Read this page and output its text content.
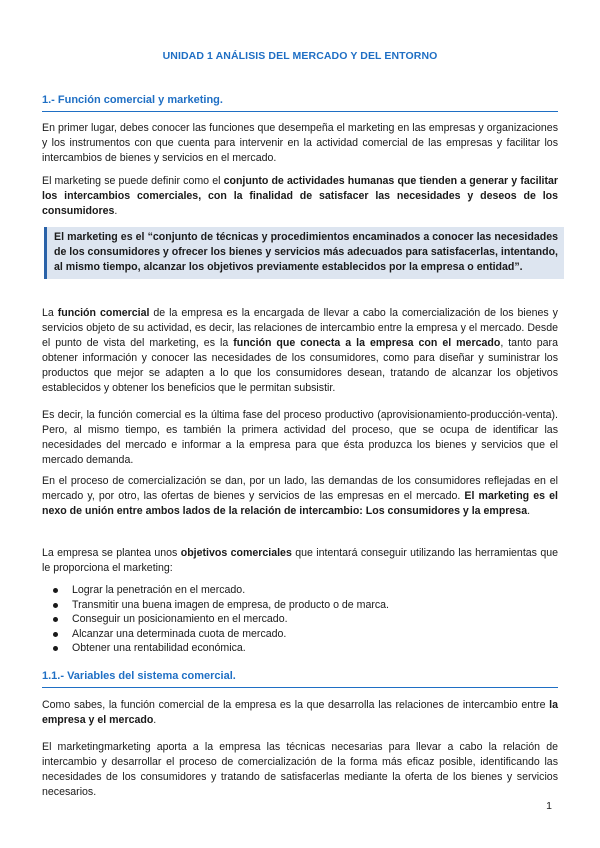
UNIDAD 1 ANÁLISIS DEL MERCADO Y DEL ENTORNO
1.- Función comercial y marketing.

En primer lugar, debes conocer las funciones que desempeña el marketing en las empresas y organizaciones y los instrumentos con que cuenta para intervenir en la actividad comercial de las empresas y facilitar los intercambios de bienes y servicios en el mercado.

El marketing se puede definir como el conjunto de actividades humanas que tienden a generar y facilitar los intercambios comerciales, con la finalidad de satisfacer las necesidades y deseos de los consumidores.

El marketing es el “conjunto de técnicas y procedimientos encaminados a conocer las necesidades de los consumidores y ofrecer los bienes y servicios más adecuados para satisfacerlas, intentando, al mismo tiempo, alcanzar los objetivos previamente establecidos por la empresa o entidad”.

La función comercial de la empresa es la encargada de llevar a cabo la comercialización de los bienes y servicios objeto de su actividad, es decir, las relaciones de intercambio entre la empresa y el mercado. Desde el punto de vista del marketing, es la función que conecta a la empresa con el mercado, tanto para obtener información y conocer las necesidades de los consumidores, como para diseñar y suministrar los productos que mejor se adapten a lo que los consumidores desean, tratando de alcanzar los objetivos establecidos y obtener los beneficios que le permitan subsistir.

Es decir, la función comercial es la última fase del proceso productivo (aprovisionamiento-producción-venta). Pero, al mismo tiempo, es también la primera actividad del proceso, que se ocupa de identificar las necesidades del mercado e informar a la empresa para que ésta produzca los bienes y servicios que el mercado demanda.

En el proceso de comercialización se dan, por un lado, las demandas de los consumidores reflejadas en el mercado y, por otro, las ofertas de bienes y servicios de las empresas en el mercado. El marketing es el nexo de unión entre ambos lados de la relación de intercambio: Los consumidores y la empresa.

La empresa se plantea unos objetivos comerciales que intentará conseguir utilizando las herramientas que le proporciona el marketing:

Lograr la penetración en el mercado.
Transmitir una buena imagen de empresa, de producto o de marca.
Conseguir un posicionamiento en el mercado.
Alcanzar una determinada cuota de mercado.
Obtener una rentabilidad económica.
1.1.- Variables del sistema comercial.

Como sabes, la función comercial de la empresa es la que desarrolla las relaciones de intercambio entre la empresa y el mercado.

El marketingmarketing aporta a la empresa las técnicas necesarias para llevar a cabo la relación de intercambio y desarrollar el proceso de comercialización de la forma más eficaz posible, identificando las necesidades de los consumidores y tratando de satisfacerlas mediante la oferta de los bienes y servicios necesarios.

1
